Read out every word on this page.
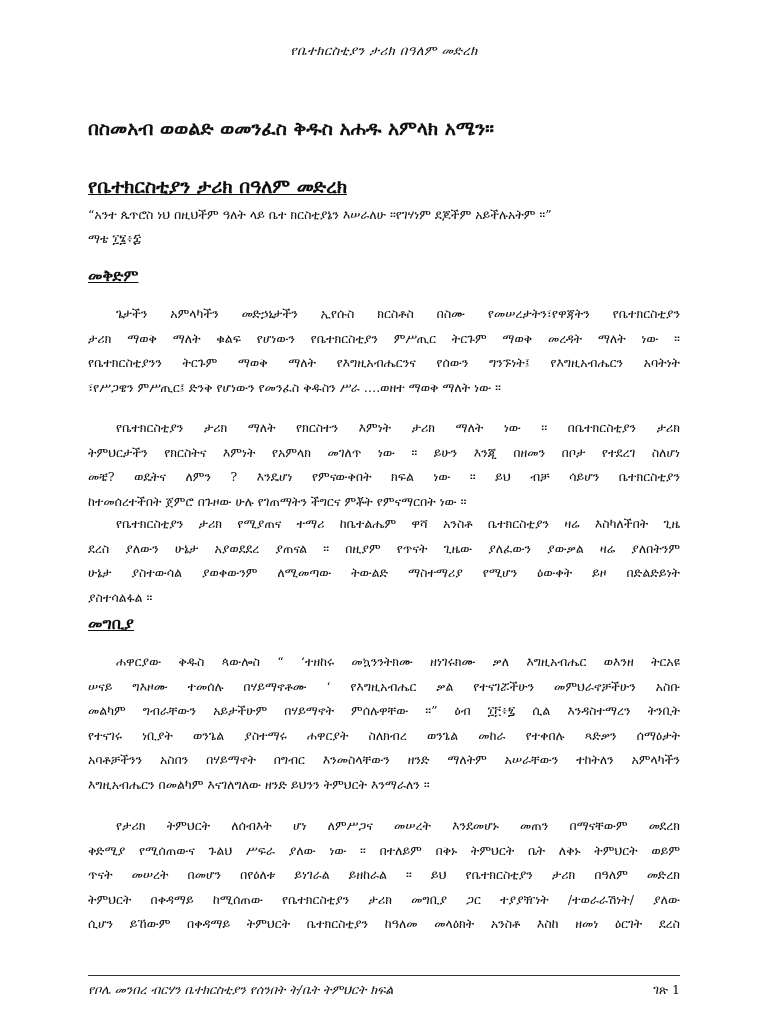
የቤተክርስቲያን ታሪክ በዓለም መድረክ
በስመአብ ወወልድ ወመንፈስ ቅዱስ አሐዱ አምላክ አሜን።
የቤተክርስቲያን ታሪክ በዓለም መድረክ
“አንተ ጴጥሮስ ነህ በዚህችም ዓለት ላይ ቤተ ክርስቲያኔን እሠራለሁ ።የገሃነም ደጆችም አይችሉአትም ።”
ማቴ ፲፮፥፰
መቅድም
ጌታችን አምላካችን መድኃኒታችን ኢየሱስ ክርስቶስ በስሙ የመሠረታትን፣የዋጃትን የቤተክርስቲያን
ታሪክ ማወቅ ማለት ቁልፍ የሆነውን የቤተክርስቲያን ምሥጢር ትርጉም ማወቅ መረዳት ማለት ነው ።
የቤተክርስቲያንን ትርጉም ማወቅ ማለት የእግዚአብሔርንና የሰውን ግንኙነት፤ የእግዚአብሔርን አባትነት
፣የሥጋዌን ምሥጢር፤ ድንቅ የሆነውን የመንፈስ ቅዱስን ሥራ ….ወዘተ ማወቅ ማለት ነው ።
የቤተክርስቲያን ታሪክ ማለት የክርስተን እምነት ታሪክ ማለት ነው ፡፡ በቤተክርስቲያን ታሪክ
ትምህርታችን የክርስትና እምነት የአምላክ መገለጥ ነው ። ይሁን እንጂ በዘመን በቦታ የተደረገ ስለሆነ
መቼ? ወዴትና ለምን ? እንዴሆነ የምናውቅበት ክፍል ነው ። ይህ ብቻ ሳይሆን ቤተክርስቲያን
ከተመሰረተችበት ጀምሮ በጉዞው ሁሉ የገጠማትን ችግርና ምቾት የምናማርበት ነው ።
የቤተክርስቲያን ታሪክ የሚያጠና ተማሪ ከቤተልሔም ዋሻ አንስቶ ቤተክርስቲያን ዛሬ እስካለችበት ጊዜ
ደረስ ያለውን ሁኔታ አያወደደረ ያጠናል ። በዚያም የጥናት ጊዜው ያለፈውን ያውቃል ዛሬ ያለበትንም
ሁኔታ ያስተውሳል ያወቀውንም ለሚመጣው ትውልድ ማስተማሪያ የሚሆን ዕውቀት ይዞ በድልድይነት
ያስተሳልፋል ።
መግቢያ
ሐዋርያው ቅዱስ ጳውሎስ “ ‘ተዘከሩ መኳንንትክሙ ዘነገሩክሙ ቃለ እግዚአብሔር ወእንዘ ትርአዩ
ሠናይ ግእዞሙ ተመሰሉ በሃይማኖቶሙ ‘ የእግዚአብሔር ቃል የተናገሯችሁን መምህራኖቻችሁን አስቡ
መልካም ግብራቸውን አይታችሁም በሃይማኖት ምሰሉዋቸው ።” ዕብ ፲፫፥፯ ሲል እንዳስተማረን ትንቢት
የተናገሩ ነቢያት ወንጌል ያስተማሩ ሐዋርያት ስለክብረ ወንጌል መከራ የተቀበሉ ጻድቃን ሰማዕታት
አባቶቻችንን አስበን በሃይማኖት በግብር እንመስላቸውን ዘንድ ማለትም አሠራቸውን ተከትለን አምላካችን
እግዚአብሔርን በመልካም እናገለግለው ዘንድ ይህንን ትምህርት እንማራለን ።
የታሪክ ትምህርት ለሰብእት ሆነ ለምሥጋና መሠረት እንደመሆኑ መጠን በማናቸውም መደረክ
ቅድሚያ የሚሰጠውና ጉልህ ሥፍራ ያለው ነው ። በተለይም በቅኑ ትምህርት ቤት ለቅኑ ትምህርት ወይም
ጥናት መሠረት በመሆን በየዕለቱ ይነገራል ይዘከራል ። ይህ የቤተክርስቲያን ታሪክ በዓለም መድረክ
ትምህርት በቀዳማይ ከሚሰጠው የቤተክርስቲያን ታሪክ መግቢያ ጋር ተያያዥነት /ተወራራሽነት/ ያለው
ሲሆን ይኸውም በቀዳማይ ትምህርት ቤተክርስቲያን ከዓለመ መላዕክት አንስቶ እስከ ዘመነ ዕርገት ደረስ
የቦሌ መንበረ ብርሃን ቤተክርስቲያን የሰንበት ት/ቤት ትምህርት ክፍል	ገጽ 1
